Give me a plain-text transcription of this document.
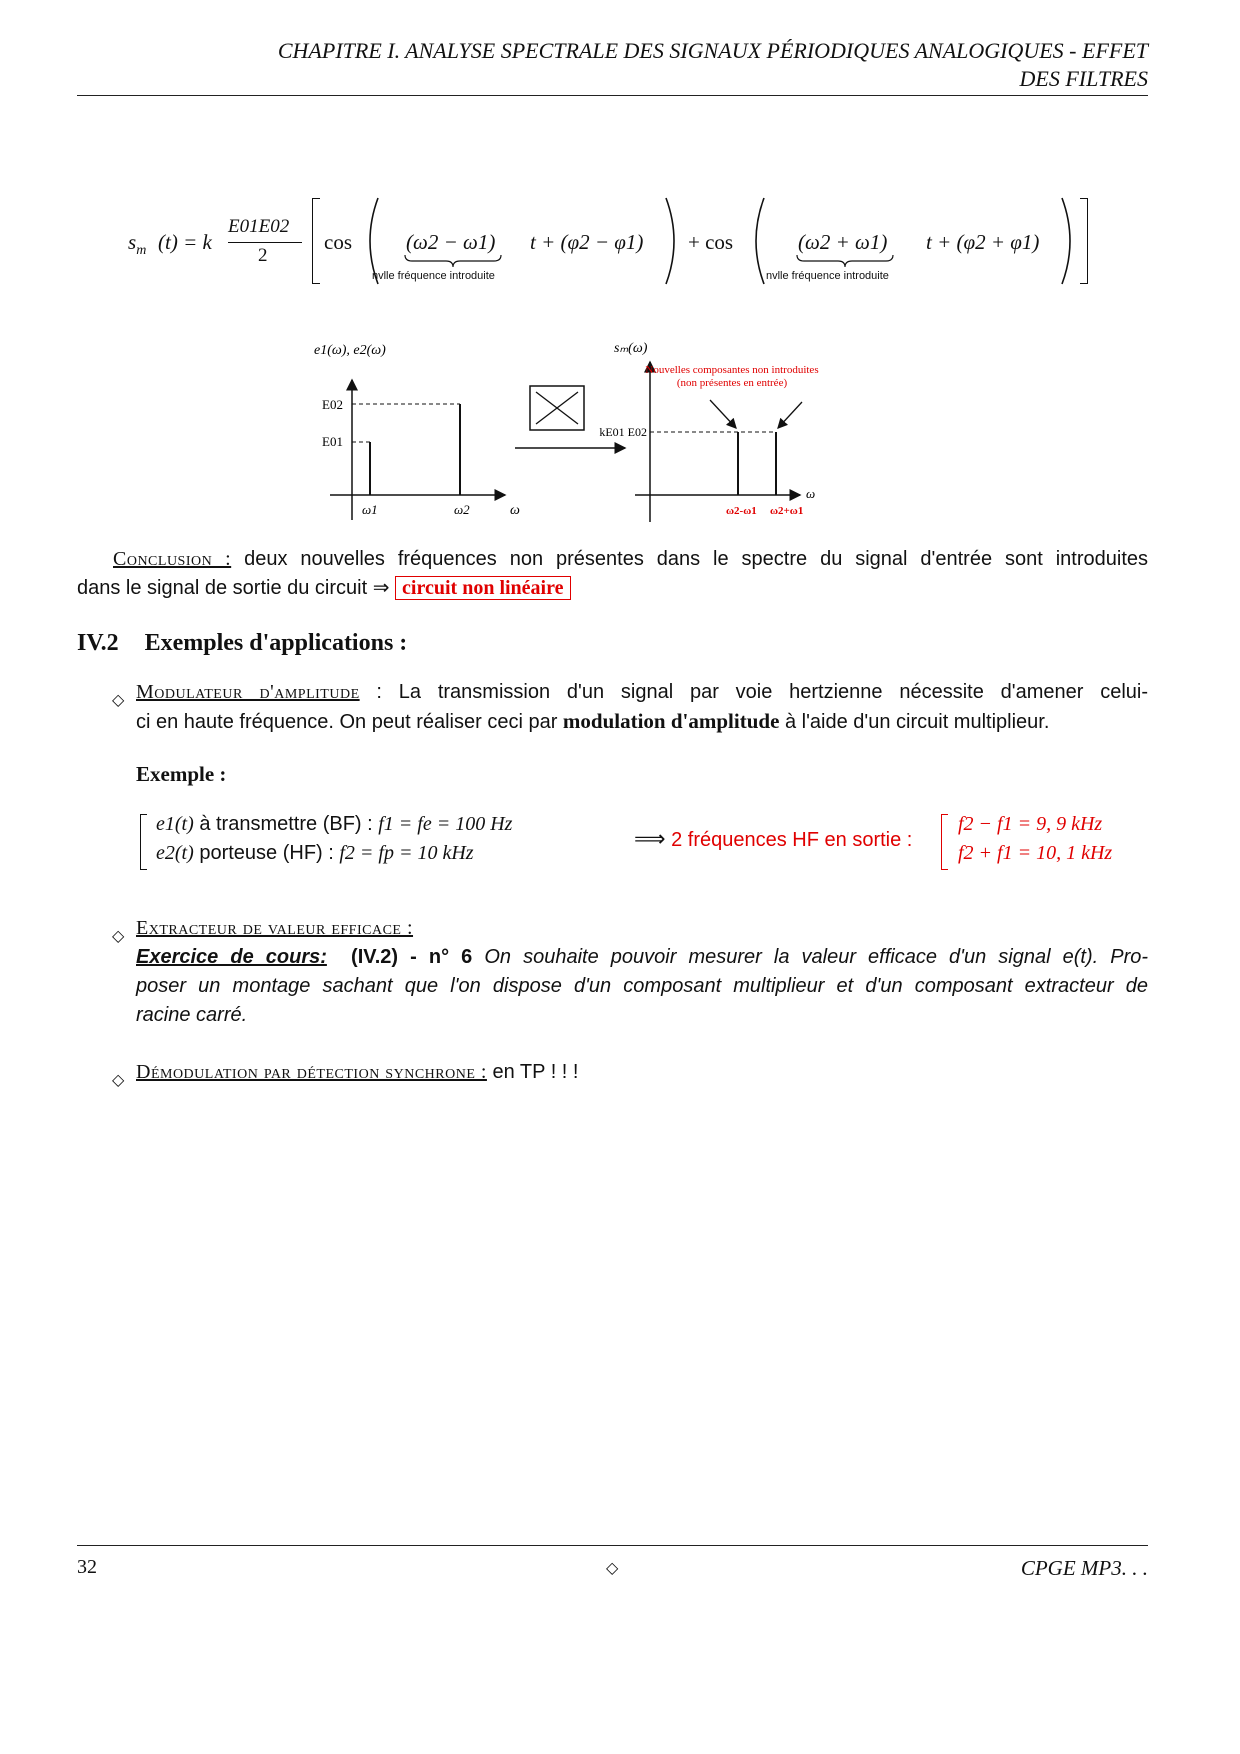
CHAPITRE I. ANALYSE SPECTRALE DES SIGNAUX PÉRIODIQUES ANALOGIQUES - EFFET
DES FILTRES
$s_m$ (t) = k
E01E02
2
cos	(ω2 − ω1)
nvlle fréquence introduite
t + (φ2 − φ1) + cos	(ω2 + ω1)
nvlle fréquence introduite
t + (φ2 + φ1)
e1(ω), e2(ω)
E02
E01
ω1	ω2	ω
sₘ(ω)
Nouvelles composantes non introduites
(non présentes en entrée)
kE01 E02
ω2-ω1 ω2+ω1
ω
Conclusion : deux nouvelles fréquences non présentes dans le spectre du signal d'entrée sont introduites
dans le signal de sortie du circuit ⇒ circuit non linéaire
IV.2 Exemples d'applications :
◇ Modulateur d'amplitude : La transmission d'un signal par voie hertzienne nécessite d'amener celui-
ci en haute fréquence. On peut réaliser ceci par modulation d'amplitude à l'aide d'un circuit multiplieur.
Exemple :
e1(t) à transmettre (BF) : f1 = fe = 100 Hz
e2(t) porteuse (HF) : f2 = fp = 10 kHz
⟹ 2 fréquences HF en sortie :
f2 − f1 = 9, 9 kHz
f2 + f1 = 10, 1 kHz
◇ Extracteur de valeur efficace :
Exercice de cours: (IV.2) - n° 6 On souhaite pouvoir mesurer la valeur efficace d'un signal e(t). Pro-
poser un montage sachant que l'on dispose d'un composant multiplieur et d'un composant extracteur de
racine carré.
◇ Démodulation par détection synchrone : en TP ! ! !
32	◇	CPGE MP3. . .
